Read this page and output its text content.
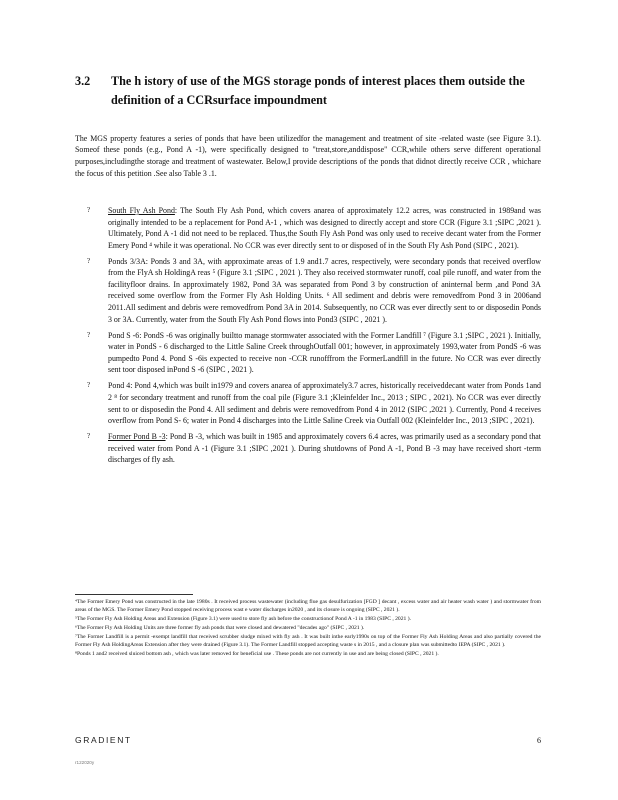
3.2 The h istory of use of the MGS storage ponds of interest places them outside the definition of a CCRsurface impoundment

The MGS property features a series of ponds that have been utilizedfor the management and treatment of site -related waste (see Figure 3.1). Someof these ponds (e.g., Pond A -1), were specifically designed to "treat,store,anddispose" CCR,while others serve different operational purposes,includingthe storage and treatment of wastewater. Below,I provide descriptions of the ponds that didnot directly receive CCR , whichare the focus of this petition .See also Table 3 .1.

? South Fly Ash Pond: The South Fly Ash Pond, which covers anarea of approximately 12.2 acres, was constructed in 1989and was originally intended to be a replacement for Pond A-1 , which was designed to directly accept and store CCR (Figure 3.1 ;SIPC ,2021 ). Ultimately, Pond A -1 did not need to be replaced. Thus,the South Fly Ash Pond was only used to receive decant water from the Former Emery Pond ⁴ while it was operational. No CCR was ever directly sent to or disposed of in the South Fly Ash Pond (SIPC , 2021).
? Ponds 3/3A: Ponds 3 and 3A, with approximate areas of 1.9 and1.7 acres, respectively, were secondary ponds that received overflow from the FlyA sh HoldingA reas ⁵ (Figure 3.1 ;SIPC , 2021 ). They also received stormwater runoff, coal pile runoff, and water from the facilityfloor drains. In approximately 1982, Pond 3A was separated from Pond 3 by construction of aninternal berm ,and Pond 3A received some overflow from the Former Fly Ash Holding Units. ⁶ All sediment and debris were removedfrom Pond 3 in 2006and 2011.All sediment and debris were removedfrom Pond 3A in 2014. Subsequently, no CCR was ever directly sent to or disposedin Ponds 3 or 3A. Currently, water from the South Fly Ash Pond flows into Pond3 (SIPC , 2021 ).
? Pond S -6: PondS -6 was originally builtto manage stormwater associated with the Former Landfill ⁷ (Figure 3.1 ;SIPC , 2021 ). Initially, water in PondS - 6 discharged to the Little Saline Creek throughOutfall 001; however, in approximately 1993,water from PondS -6 was pumpedto Pond 4. Pond S -6is expected to receive non -CCR runofffrom the FormerLandfill in the future. No CCR was ever directly sent toor disposed inPond S -6 (SIPC , 2021 ).
? Pond 4: Pond 4,which was built in1979 and covers anarea of approximately3.7 acres, historically receiveddecant water from Ponds 1and 2 ⁸ for secondary treatment and runoff from the coal pile (Figure 3.1 ;Kleinfelder Inc., 2013 ; SIPC , 2021). No CCR was ever directly sent to or disposedin the Pond 4. All sediment and debris were removedfrom Pond 4 in 2012 (SIPC ,2021 ). Currently, Pond 4 receives overflow from Pond S- 6; water in Pond 4 discharges into the Little Saline Creek via Outfall 002 (Kleinfelder Inc., 2013 ;SIPC , 2021).
? Former Pond B -3: Pond B -3, which was built in 1985 and approximately covers 6.4 acres, was primarily used as a secondary pond that received water from Pond A -1 (Figure 3.1 ;SIPC ,2021 ). During shutdowns of Pond A -1, Pond B -3 may have received short -term discharges of fly ash.
⁴The Former Emery Pond was constructed in the late 1980s . It received process wastewater (including flue gas desulfurization [FGD ] decant , excess water and air heater wash water ) and stormwater from areas of the MGS. The Former Emery Pond stopped receiving process wast e water discharges in2020 , and its closure is ongoing (SIPC , 2021 ).
⁵The Former Fly Ash Holding Areas and Extension (Figure 3.1) were used to store fly ash before the constructionof Pond A -1 in 1983 (SIPC , 2021 ).
⁶The Former Fly Ash Holding Units are three former fly ash ponds that were closed and dewatered "decades ago" (SIPC , 2021 ).
⁷The Former Landfill is a permit -exempt landfill that received scrubber sludge mixed with fly ash . It was built inthe early1990s on top of the Former Fly Ash Holding Areas and also partially covered the Former Fly Ash HoldingAreas Extension after they were drained (Figure 3.1). The Former Landfill stopped accepting waste s in 2015 , and a closure plan was submittedto IEPA (SIPC , 2021 ).
⁸Ponds 1 and2 received sluiced bottom ash , which was later removed for beneficial use . These ponds are not currently in use and are being closed (SIPC , 2021 ).
GRADIENT	6
r122020y
